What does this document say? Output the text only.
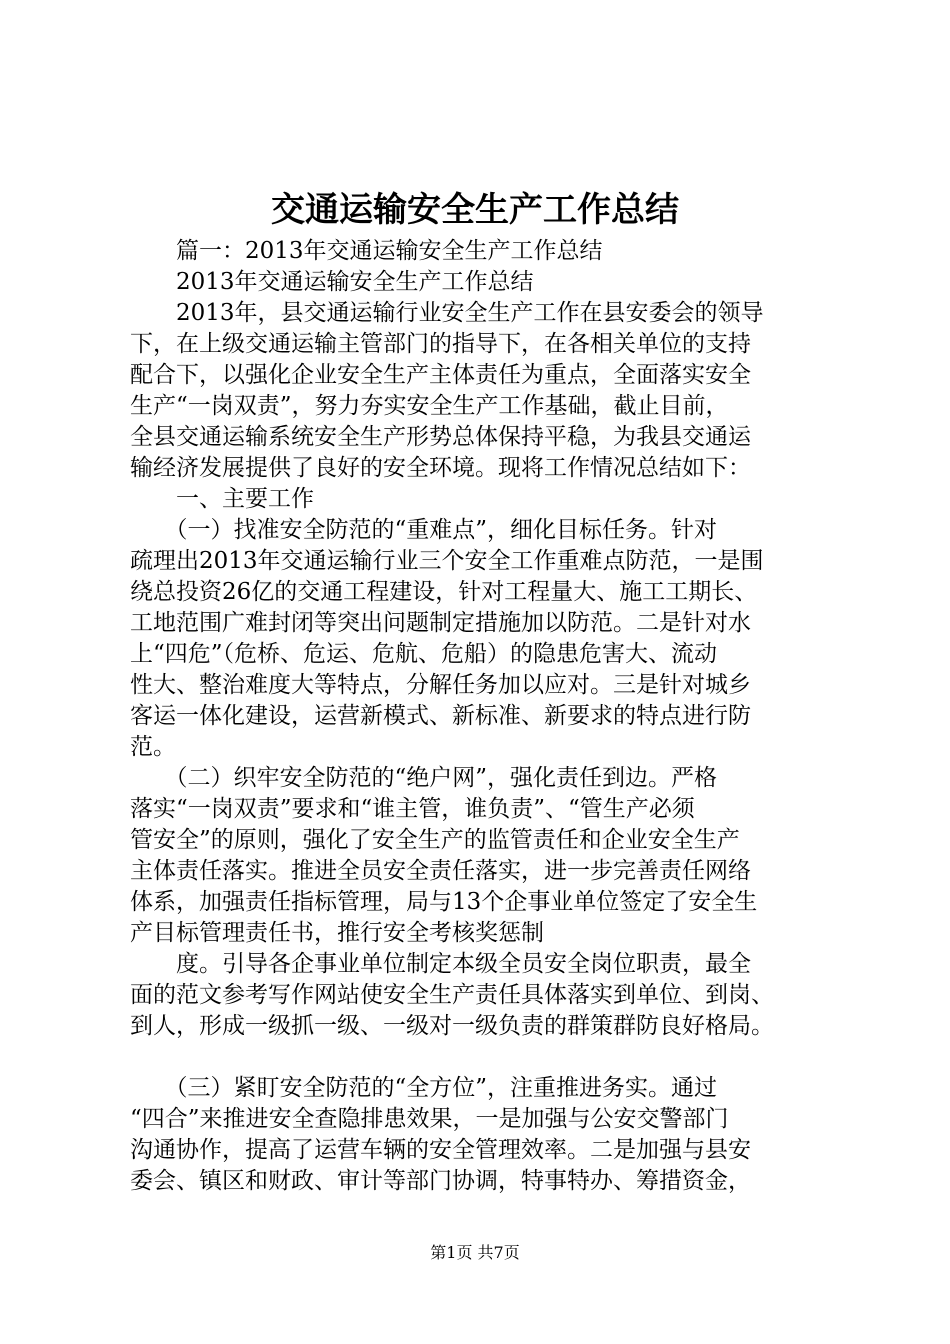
交通运输安全生产工作总结
　　篇一：2013年交通运输安全生产工作总结
　　2013年交通运输安全生产工作总结
　　2013年，县交通运输行业安全生产工作在县安委会的领导
下，在上级交通运输主管部门的指导下，在各相关单位的支持
配合下，以强化企业安全生产主体责任为重点，全面落实安全
生产“一岗双责”，努力夯实安全生产工作基础，截止目前，
全县交通运输系统安全生产形势总体保持平稳，为我县交通运
输经济发展提供了良好的安全环境。现将工作情况总结如下：
　　一、主要工作
　　（一）找准安全防范的“重难点”，细化目标任务。针对
疏理出2013年交通运输行业三个安全工作重难点防范，一是围
绕总投资26亿的交通工程建设，针对工程量大、施工工期长、
工地范围广难封闭等突出问题制定措施加以防范。二是针对水
上“四危”（危桥、危运、危航、危船）的隐患危害大、流动
性大、整治难度大等特点，分解任务加以应对。三是针对城乡
客运一体化建设，运营新模式、新标准、新要求的特点进行防
范。
　　（二）织牢安全防范的“绝户网”，强化责任到边。严格
落实“一岗双责”要求和“谁主管，谁负责”、“管生产必须
管安全”的原则，强化了安全生产的监管责任和企业安全生产
主体责任落实。推进全员安全责任落实，进一步完善责任网络
体系，加强责任指标管理，局与13个企事业单位签定了安全生
产目标管理责任书，推行安全考核奖惩制
　　度。引导各企事业单位制定本级全员安全岗位职责，最全
面的范文参考写作网站使安全生产责任具体落实到单位、到岗、
到人，形成一级抓一级、一级对一级负责的群策群防良好格局。
　　（三）紧盯安全防范的“全方位”，注重推进务实。通过
“四合”来推进安全查隐排患效果，一是加强与公安交警部门
沟通协作，提高了运营车辆的安全管理效率。二是加强与县安
委会、镇区和财政、审计等部门协调，特事特办、筹措资金，
第1页 共7页
